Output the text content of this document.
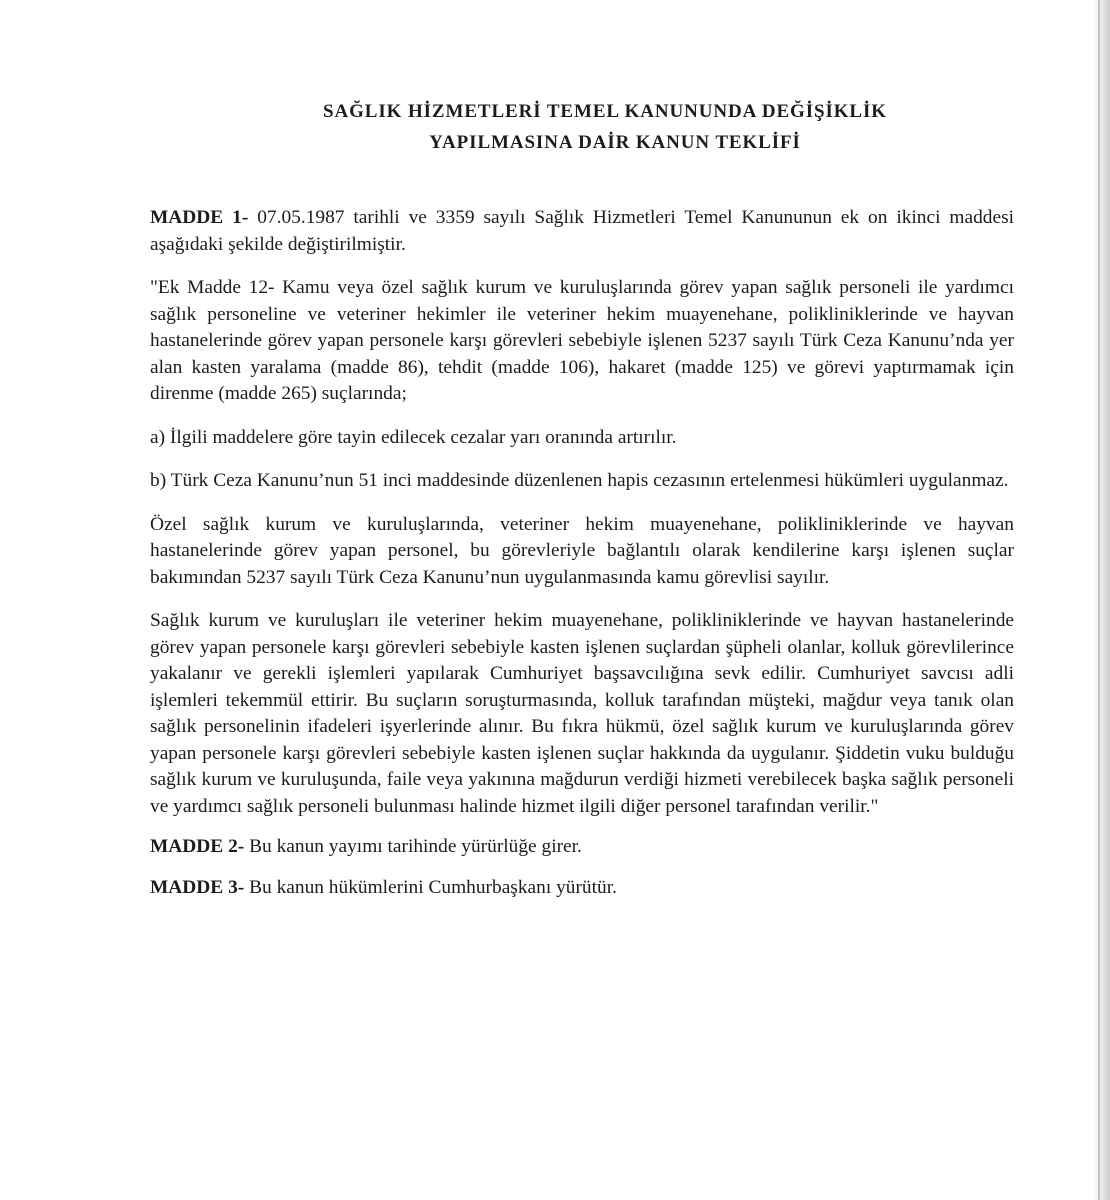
SAĞLIK HİZMETLERİ TEMEL KANUNUNDA DEĞİŞİKLİK
YAPILMASINA DAİR KANUN TEKLİFİ

MADDE 1- 07.05.1987 tarihli ve 3359 sayılı Sağlık Hizmetleri Temel Kanununun ek on ikinci maddesi aşağıdaki şekilde değiştirilmiştir.

"Ek Madde 12- Kamu veya özel sağlık kurum ve kuruluşlarında görev yapan sağlık personeli ile yardımcı sağlık personeline ve veteriner hekimler ile veteriner hekim muayenehane, polikliniklerinde ve hayvan hastanelerinde görev yapan personele karşı görevleri sebebiyle işlenen 5237 sayılı Türk Ceza Kanunu’nda yer alan kasten yaralama (madde 86), tehdit (madde 106), hakaret (madde 125) ve görevi yaptırmamak için direnme (madde 265) suçlarında;

a) İlgili maddelere göre tayin edilecek cezalar yarı oranında artırılır.

b) Türk Ceza Kanunu’nun 51 inci maddesinde düzenlenen hapis cezasının ertelenmesi hükümleri uygulanmaz.

Özel sağlık kurum ve kuruluşlarında, veteriner hekim muayenehane, polikliniklerinde ve hayvan hastanelerinde görev yapan personel, bu görevleriyle bağlantılı olarak kendilerine karşı işlenen suçlar bakımından 5237 sayılı Türk Ceza Kanunu’nun uygulanmasında kamu görevlisi sayılır.

Sağlık kurum ve kuruluşları ile veteriner hekim muayenehane, polikliniklerinde ve hayvan hastanelerinde görev yapan personele karşı görevleri sebebiyle kasten işlenen suçlardan şüpheli olanlar, kolluk görevlilerince yakalanır ve gerekli işlemleri yapılarak Cumhuriyet başsavcılığına sevk edilir. Cumhuriyet savcısı adli işlemleri tekemmül ettirir. Bu suçların soruşturmasında, kolluk tarafından müşteki, mağdur veya tanık olan sağlık personelinin ifadeleri işyerlerinde alınır. Bu fıkra hükmü, özel sağlık kurum ve kuruluşlarında görev yapan personele karşı görevleri sebebiyle kasten işlenen suçlar hakkında da uygulanır. Şiddetin vuku bulduğu sağlık kurum ve kuruluşunda, faile veya yakınına mağdurun verdiği hizmeti verebilecek başka sağlık personeli ve yardımcı sağlık personeli bulunması halinde hizmet ilgili diğer personel tarafından verilir."

MADDE 2- Bu kanun yayımı tarihinde yürürlüğe girer.

MADDE 3- Bu kanun hükümlerini Cumhurbaşkanı yürütür.
